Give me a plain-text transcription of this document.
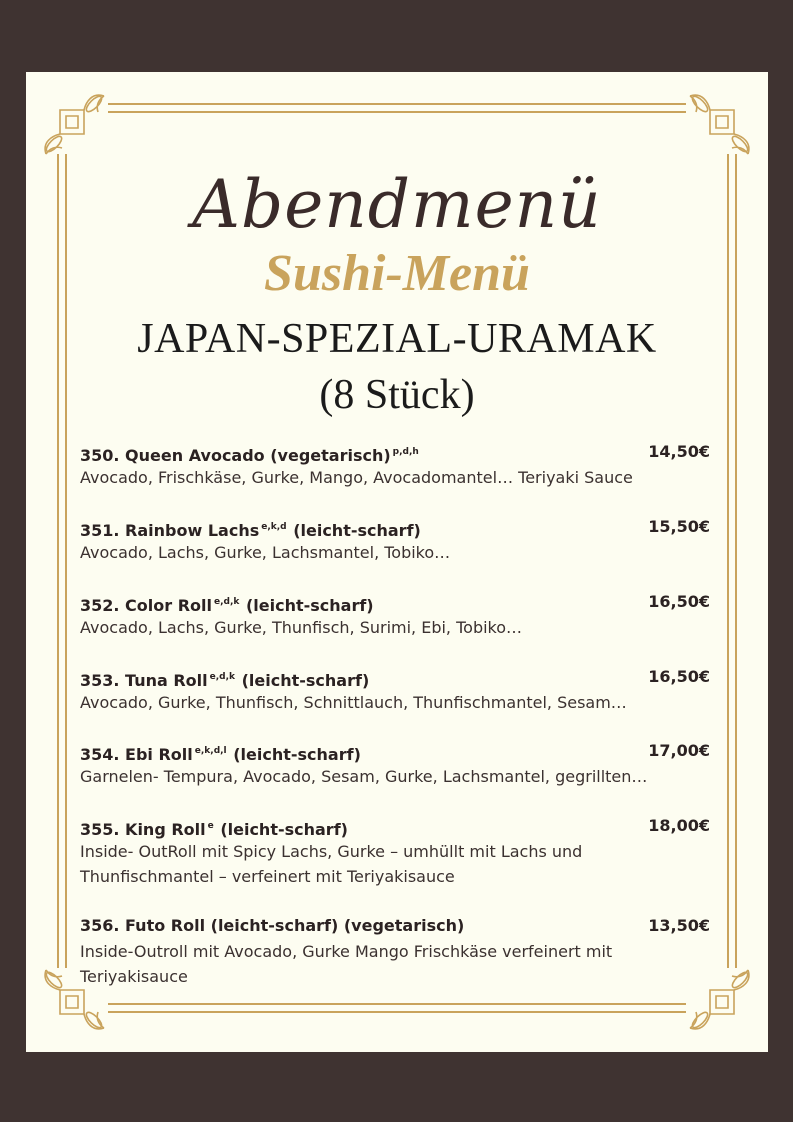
Abendmenü
Sushi-Menü
JAPAN-SPEZIAL-URAMAK
(8 Stück)
350. Queen Avocado (vegetarisch) $^{p,d,h}$	14,50€
Avocado, Frischkäse, Gurke, Mango, Avocadomantel… Teriyaki Sauce
351. Rainbow Lachs $^{e,k,d}$ (leicht-scharf)	15,50€
Avocado, Lachs, Gurke, Lachsmantel, Tobiko…
352. Color Roll $^{e,d,k}$ (leicht-scharf)	16,50€
Avocado, Lachs, Gurke, Thunfisch, Surimi, Ebi, Tobiko…
353. Tuna Roll $^{e,d,k}$ (leicht-scharf)	16,50€
Avocado, Gurke, Thunfisch, Schnittlauch, Thunfischmantel, Sesam…
354. Ebi Roll $^{e,k,d,l}$ (leicht-scharf)	17,00€
Garnelen- Tempura, Avocado, Sesam, Gurke, Lachsmantel, gegrillten…
355. King Roll $^e$ (leicht-scharf)	18,00€
Inside- OutRoll mit Spicy Lachs, Gurke – umhüllt mit Lachs und
Thunfischmantel – verfeinert mit Teriyakisauce
356. Futo Roll (leicht-scharf) (vegetarisch)	13,50€
Inside-Outroll mit Avocado, Gurke Mango Frischkäse verfeinert mit
Teriyakisauce
